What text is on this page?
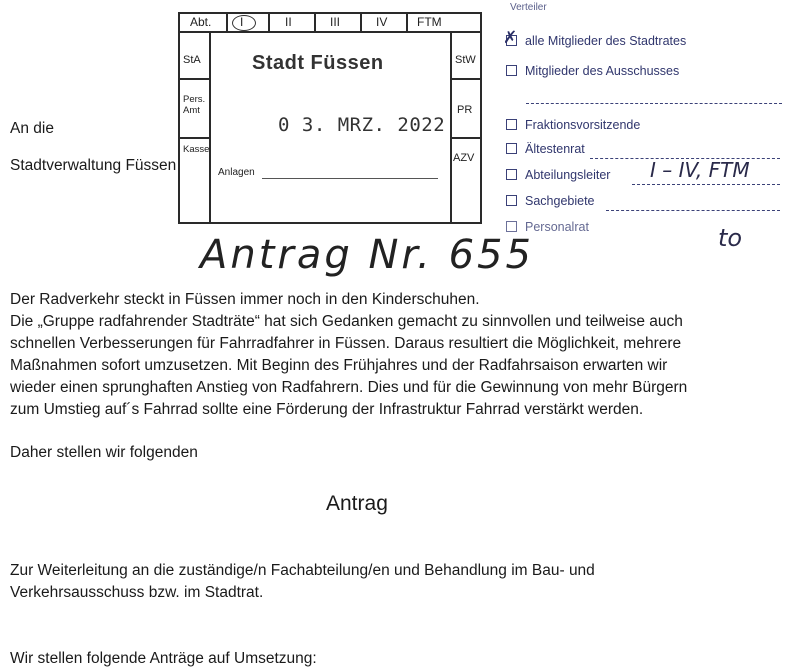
Abt. I	II	III	IV FTM
StA
Pers.
Amt
Kasse
StW
PR
AZV
Stadt Füssen
0 3. MRZ. 2022
Anlagen
Verteiler
✗ alle Mitglieder des Stadtrates
Mitglieder des Ausschusses
Fraktionsvorsitzende
Ältestenrat
Abteilungsleiter I – IV, FTM
Sachgebiete
Personalrat	to
An die
Stadtverwaltung Füssen
Antrag Nr. 655
Der Radverkehr steckt in Füssen immer noch in den Kinderschuhen.
Die „Gruppe radfahrender Stadträte“ hat sich Gedanken gemacht zu sinnvollen und teilweise auch
schnellen Verbesserungen für Fahrradfahrer in Füssen. Daraus resultiert die Möglichkeit, mehrere
Maßnahmen sofort umzusetzen. Mit Beginn des Frühjahres und der Radfahrsaison erwarten wir
wieder einen sprunghaften Anstieg von Radfahrern. Dies und für die Gewinnung von mehr Bürgern
zum Umstieg auf´s Fahrrad sollte eine Förderung der Infrastruktur Fahrrad verstärkt werden.
Daher stellen wir folgenden
Antrag
Zur Weiterleitung an die zuständige/n Fachabteilung/en und Behandlung im Bau- und
Verkehrsausschuss bzw. im Stadtrat.
Wir stellen folgende Anträge auf Umsetzung:
